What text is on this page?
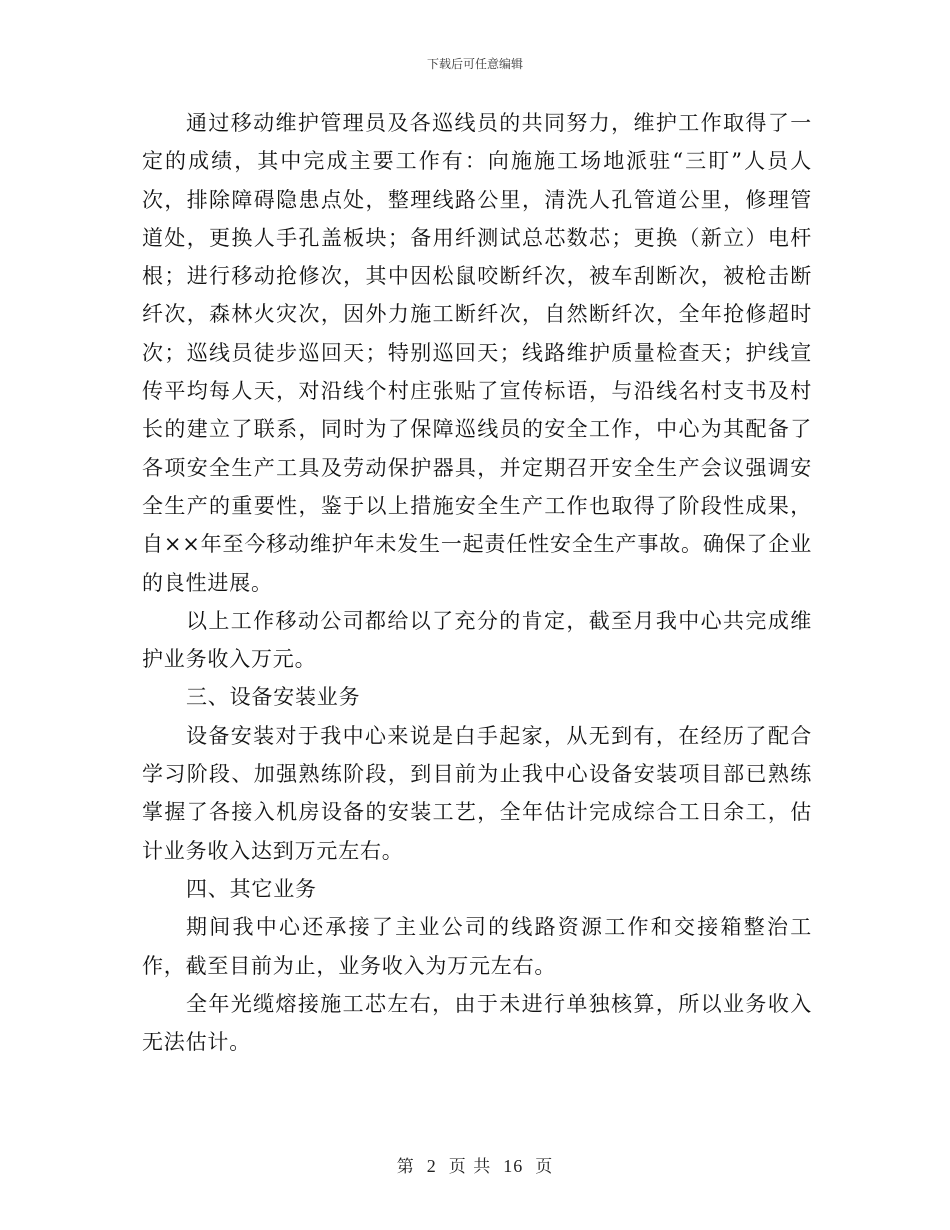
下载后可任意编辑

通过移动维护管理员及各巡线员的共同努力，维护工作取得了一定的成绩，其中完成主要工作有：向施施工场地派驻“三盯”人员人次，排除障碍隐患点处，整理线路公里，清洗人孔管道公里，修理管道处，更换人手孔盖板块；备用纤测试总芯数芯；更换（新立）电杆根；进行移动抢修次，其中因松鼠咬断纤次，被车刮断次，被枪击断纤次，森林火灾次，因外力施工断纤次，自然断纤次，全年抢修超时次；巡线员徒步巡回天；特别巡回天；线路维护质量检查天；护线宣传平均每人天，对沿线个村庄张贴了宣传标语，与沿线名村支书及村长的建立了联系，同时为了保障巡线员的安全工作，中心为其配备了各项安全生产工具及劳动保护器具，并定期召开安全生产会议强调安全生产的重要性，鉴于以上措施安全生产工作也取得了阶段性成果，自××年至今移动维护年未发生一起责任性安全生产事故。确保了企业的良性进展。

以上工作移动公司都给以了充分的肯定，截至月我中心共完成维护业务收入万元。

三、设备安装业务

设备安装对于我中心来说是白手起家，从无到有，在经历了配合学习阶段、加强熟练阶段，到目前为止我中心设备安装项目部已熟练掌握了各接入机房设备的安装工艺，全年估计完成综合工日余工，估计业务收入达到万元左右。

四、其它业务

期间我中心还承接了主业公司的线路资源工作和交接箱整治工作，截至目前为止，业务收入为万元左右。

全年光缆熔接施工芯左右，由于未进行单独核算，所以业务收入无法估计。

第 2 页 共 16 页
